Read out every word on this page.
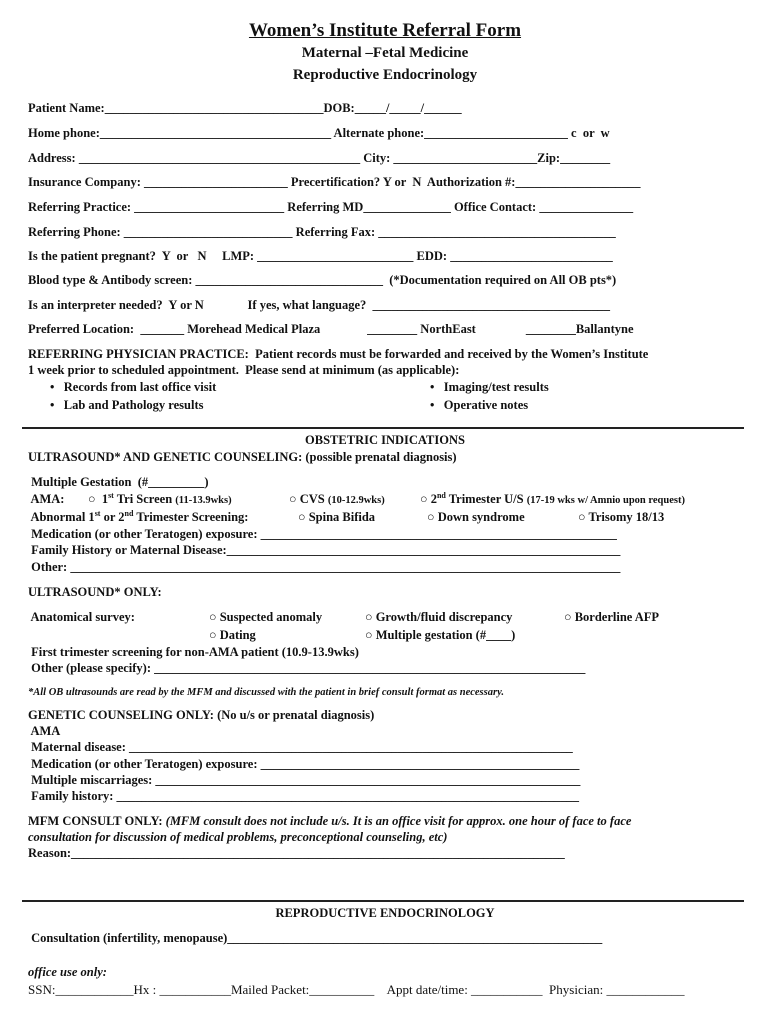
Women’s Institute Referral Form
Maternal –Fetal Medicine
Reproductive Endocrinology
Patient Name:___________________________________DOB:_____/_____/______
Home phone:_____________________________________ Alternate phone:_______________________ c  or  w
Address: _____________________________________________ City: _______________________Zip:________
Insurance Company: _______________________ Precertification? Y or  N  Authorization #:____________________
Referring Practice: ________________________ Referring MD______________ Office Contact: _______________
Referring Phone: ___________________________ Referring Fax: ______________________________________
Is the patient pregnant?  Y  or   N     LMP: _________________________ EDD: __________________________
Blood type & Antibody screen: ______________________________  (*Documentation required on All OB pts*)
Is an interpreter needed?  Y or N              If yes, what language?  ______________________________________
Preferred Location:  _______ Morehead Medical Plaza               ________ NorthEast                ________Ballantyne
REFERRING PHYSICIAN PRACTICE:  Patient records must be forwarded and received by the Women’s Institute
1 week prior to scheduled appointment.  Please send at minimum (as applicable):
• Records from last office visit	• Imaging/test results
• Lab and Pathology results	• Operative notes
OBSTETRIC INDICATIONS
ULTRASOUND* AND GENETIC COUNSELING: (possible prenatal diagnosis)
Multiple Gestation  (#_________)
AMA: ○ 1st Tri Screen (11-13.9wks)	○ CVS (10-12.9wks)	○ 2nd Trimester U/S (17-19 wks w/ Amnio upon request)
Abnormal 1st or 2nd Trimester Screening:	○ Spina Bifida	○ Down syndrome	○ Trisomy 18/13
Medication (or other Teratogen) exposure: _________________________________________________________
Family History or Maternal Disease:_______________________________________________________________
Other: ________________________________________________________________________________________
ULTRASOUND* ONLY:
Anatomical survey:	○ Suspected anomaly	○ Growth/fluid discrepancy	○ Borderline AFP
○ Dating	○ Multiple gestation (#____)
First trimester screening for non-AMA patient (10.9-13.9wks)
Other (please specify): _____________________________________________________________________
*All OB ultrasounds are read by the MFM and discussed with the patient in brief consult format as necessary.
GENETIC COUNSELING ONLY: (No u/s or prenatal diagnosis)
AMA
Maternal disease: _______________________________________________________________________
Medication (or other Teratogen) exposure: ___________________________________________________
Multiple miscarriages: ____________________________________________________________________
Family history: __________________________________________________________________________
MFM CONSULT ONLY: (MFM consult does not include u/s. It is an office visit for approx. one hour of face to face
consultation for discussion of medical problems, preconceptional counseling, etc)
Reason:_______________________________________________________________________________
REPRODUCTIVE ENDOCRINOLOGY
Consultation (infertility, menopause)____________________________________________________________
office use only:
SSN:____________Hx : ___________Mailed Packet:__________    Appt date/time: ___________  Physician: ____________
